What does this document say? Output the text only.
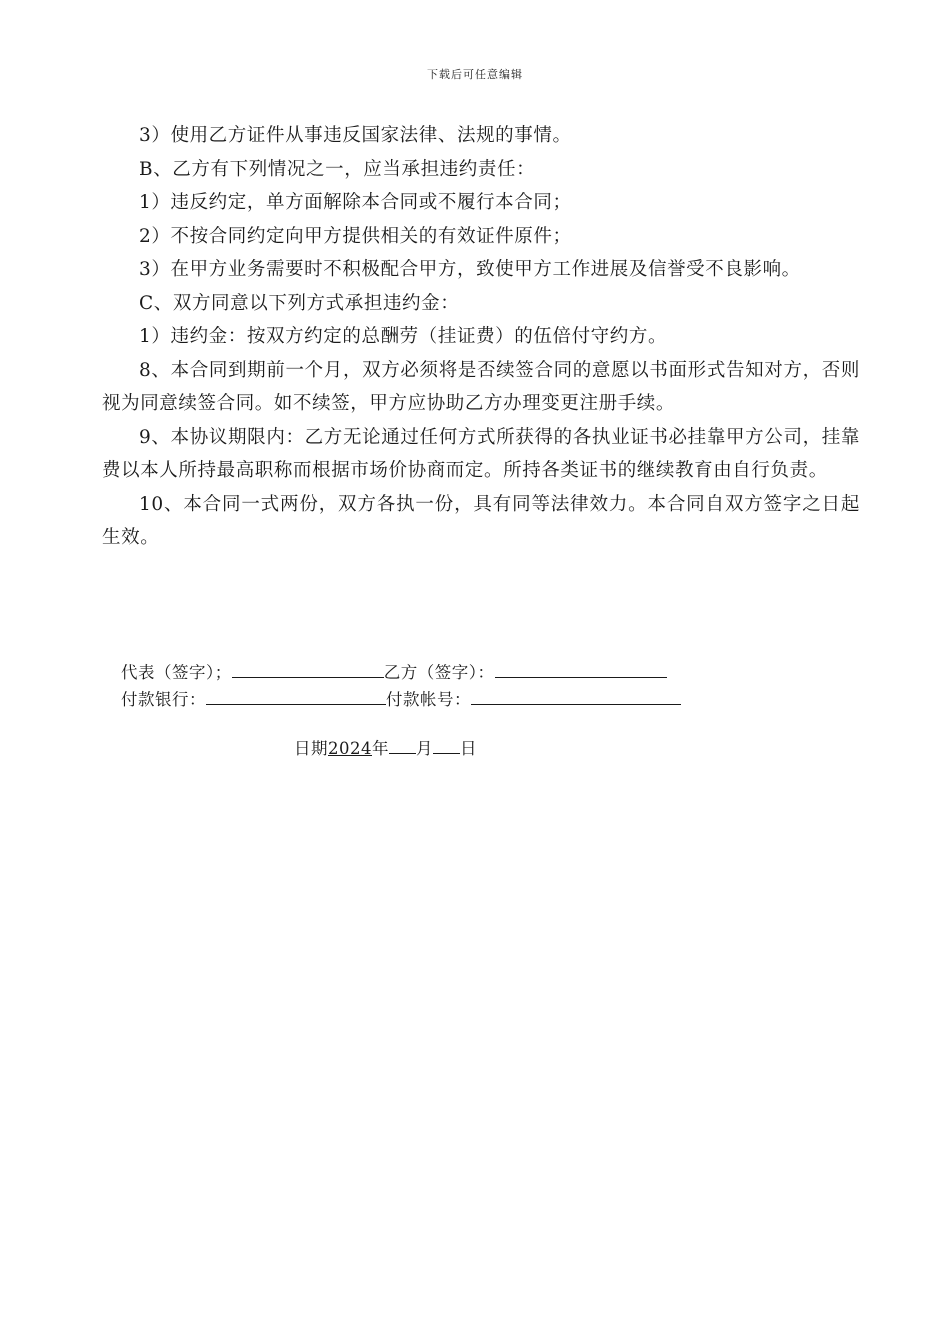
下载后可任意编辑

3）使用乙方证件从事违反国家法律、法规的事情。

B、乙方有下列情况之一，应当承担违约责任：

1）违反约定，单方面解除本合同或不履行本合同；

2）不按合同约定向甲方提供相关的有效证件原件；

3）在甲方业务需要时不积极配合甲方，致使甲方工作进展及信誉受不良影响。

C、双方同意以下列方式承担违约金：

1）违约金：按双方约定的总酬劳（挂证费）的伍倍付守约方。

8、本合同到期前一个月，双方必须将是否续签合同的意愿以书面形式告知对方，否则视为同意续签合同。如不续签，甲方应协助乙方办理变更注册手续。

9、本协议期限内：乙方无论通过任何方式所获得的各执业证书必挂靠甲方公司，挂靠费以本人所持最高职称而根据市场价协商而定。所持各类证书的继续教育由自行负责。

10、本合同一式两份，双方各执一份，具有同等法律效力。本合同自双方签字之日起生效。

代表（签字）；	乙方（签字）：
付款银行：	付款帐号：
日期2024年 月 日
